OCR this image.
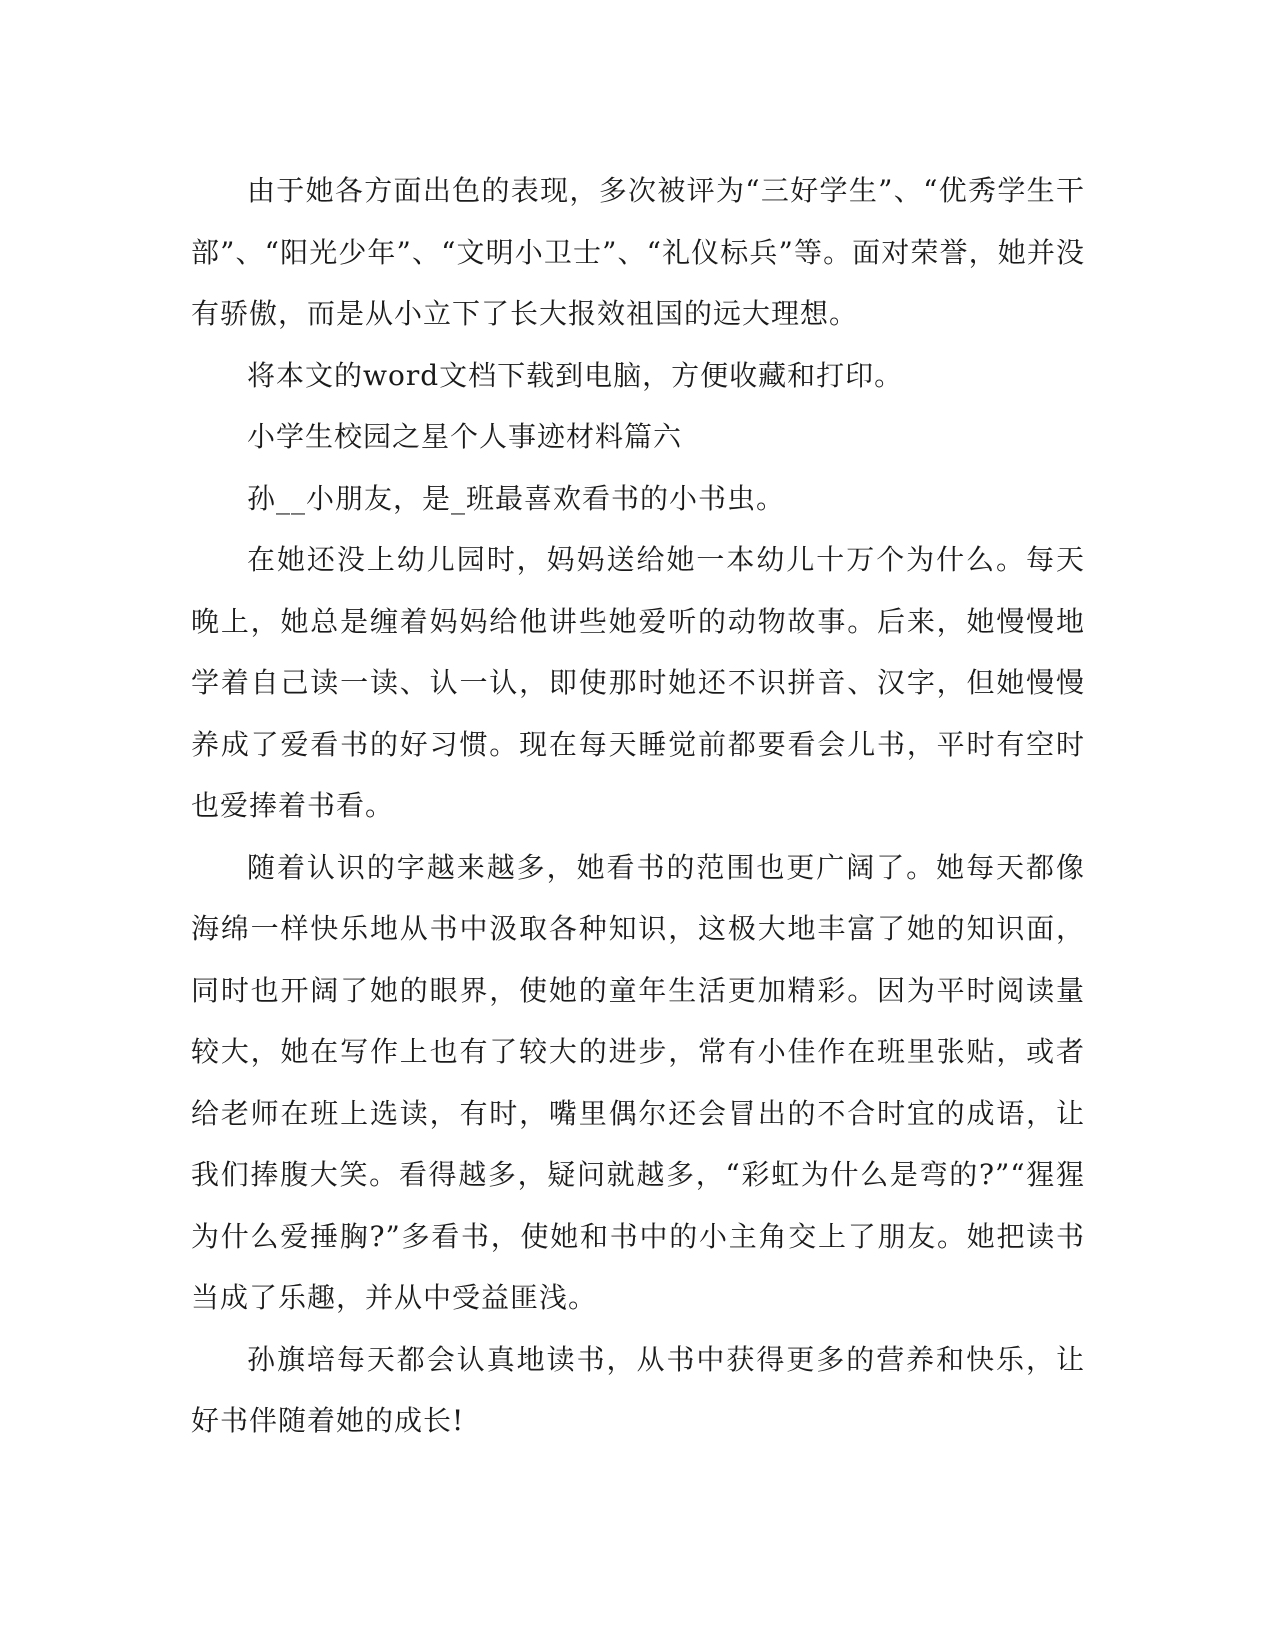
由于她各方面出色的表现，多次被评为“三好学生”、“优秀学生干部”、“阳光少年”、“文明小卫士”、“礼仪标兵”等。面对荣誉，她并没有骄傲，而是从小立下了长大报效祖国的远大理想。

将本文的word文档下载到电脑，方便收藏和打印。

小学生校园之星个人事迹材料篇六

孙__小朋友，是_班最喜欢看书的小书虫。

在她还没上幼儿园时，妈妈送给她一本幼儿十万个为什么。每天晚上，她总是缠着妈妈给他讲些她爱听的动物故事。后来，她慢慢地学着自己读一读、认一认，即使那时她还不识拼音、汉字，但她慢慢养成了爱看书的好习惯。现在每天睡觉前都要看会儿书，平时有空时也爱捧着书看。

随着认识的字越来越多，她看书的范围也更广阔了。她每天都像海绵一样快乐地从书中汲取各种知识，这极大地丰富了她的知识面，同时也开阔了她的眼界，使她的童年生活更加精彩。因为平时阅读量较大，她在写作上也有了较大的进步，常有小佳作在班里张贴，或者给老师在班上选读，有时，嘴里偶尔还会冒出的不合时宜的成语，让我们捧腹大笑。看得越多，疑问就越多，“彩虹为什么是弯的?”“猩猩为什么爱捶胸?”多看书，使她和书中的小主角交上了朋友。她把读书当成了乐趣，并从中受益匪浅。

孙旗培每天都会认真地读书，从书中获得更多的营养和快乐，让好书伴随着她的成长!
